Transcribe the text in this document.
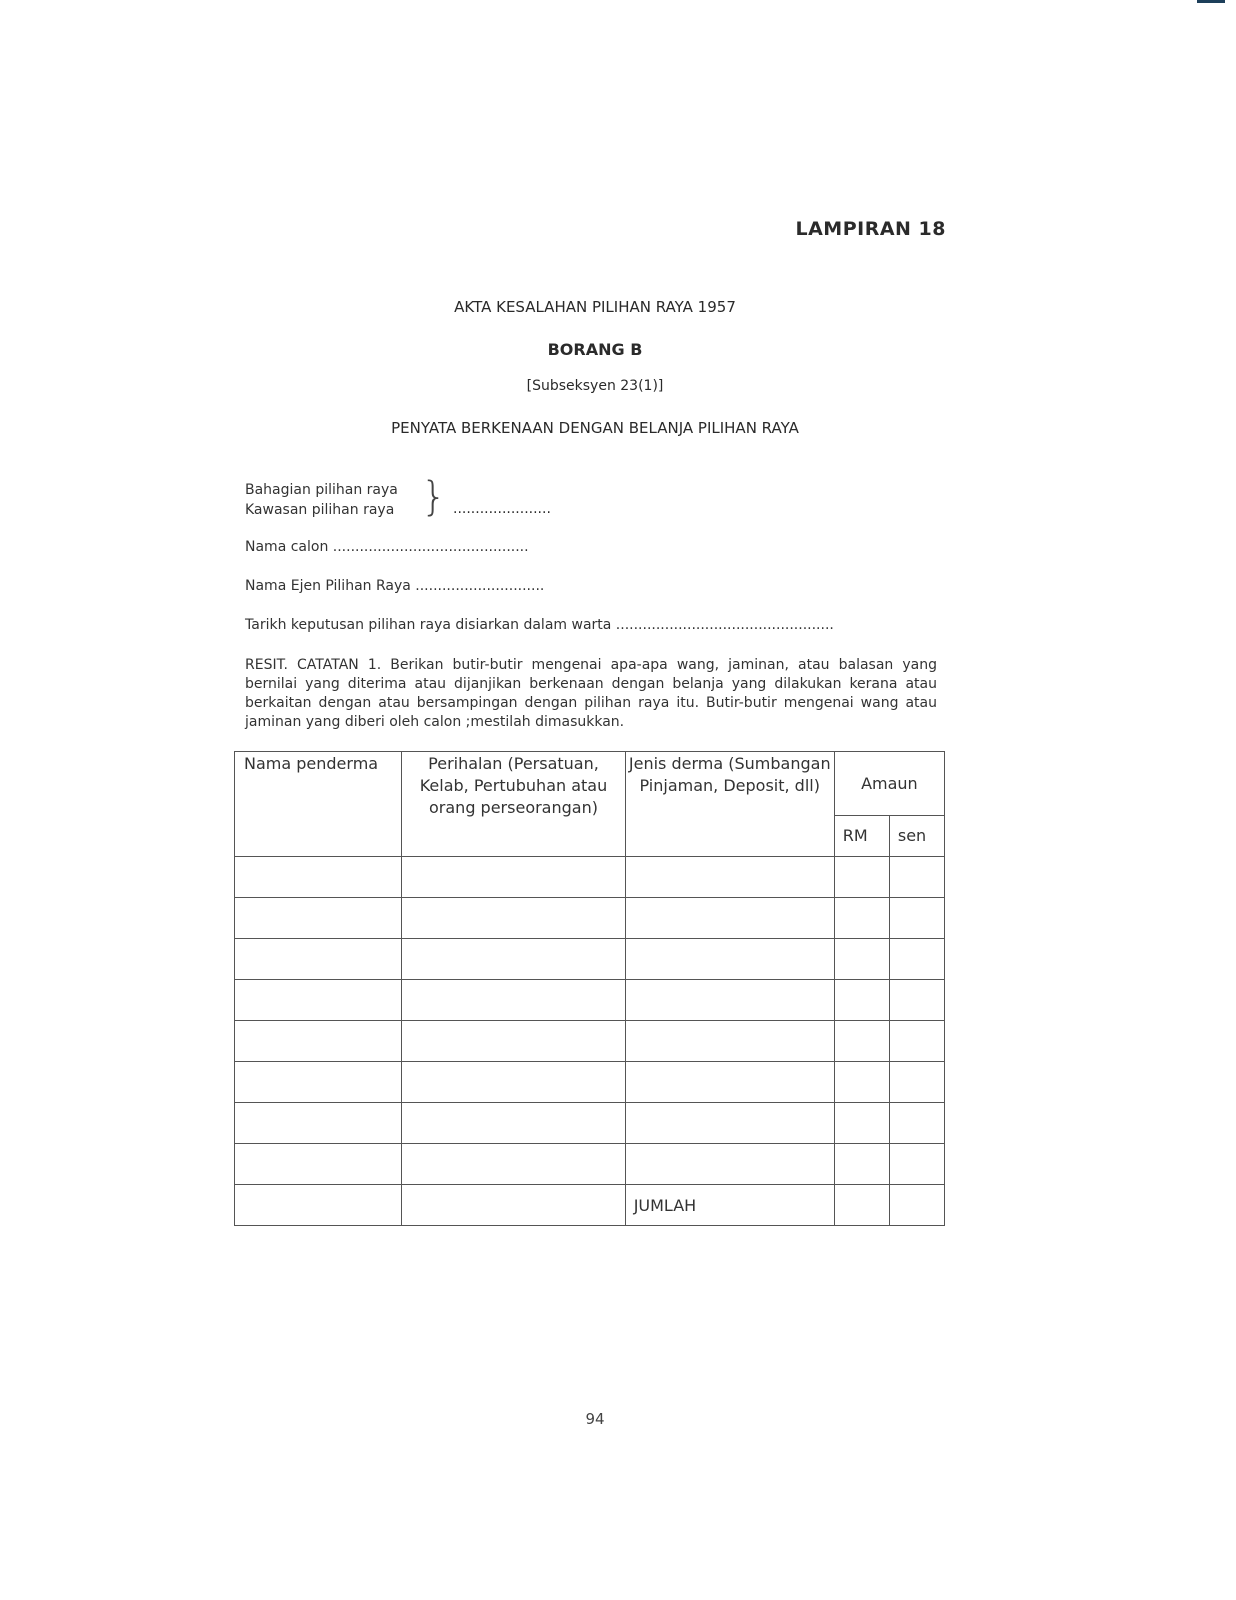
LAMPIRAN 18
AKTA KESALAHAN PILIHAN RAYA 1957
BORANG B
[Subseksyen 23(1)]
PENYATA BERKENAAN DENGAN BELANJA PILIHAN RAYA
Bahagian pilihan raya
Kawasan pilihan raya } ......................
Nama calon ............................................
Nama Ejen Pilihan Raya .............................
Tarikh keputusan pilihan raya disiarkan dalam warta .................................................
RESIT. CATATAN 1. Berikan butir-butir mengenai apa-apa wang, jaminan, atau balasan yang bernilai yang diterima atau dijanjikan berkenaan dengan belanja yang dilakukan kerana atau berkaitan dengan atau bersampingan dengan pilihan raya itu. Butir-butir mengenai wang atau jaminan yang diberi oleh calon ;mestilah dimasukkan.
Nama penderma	Perihalan (Persatuan, Kelab, Pertubuhan atau orang perseorangan)	Jenis derma (Sumbangan Pinjaman, Deposit, dll)	Amaun	
			RM	sen

		JUMLAH		
94
